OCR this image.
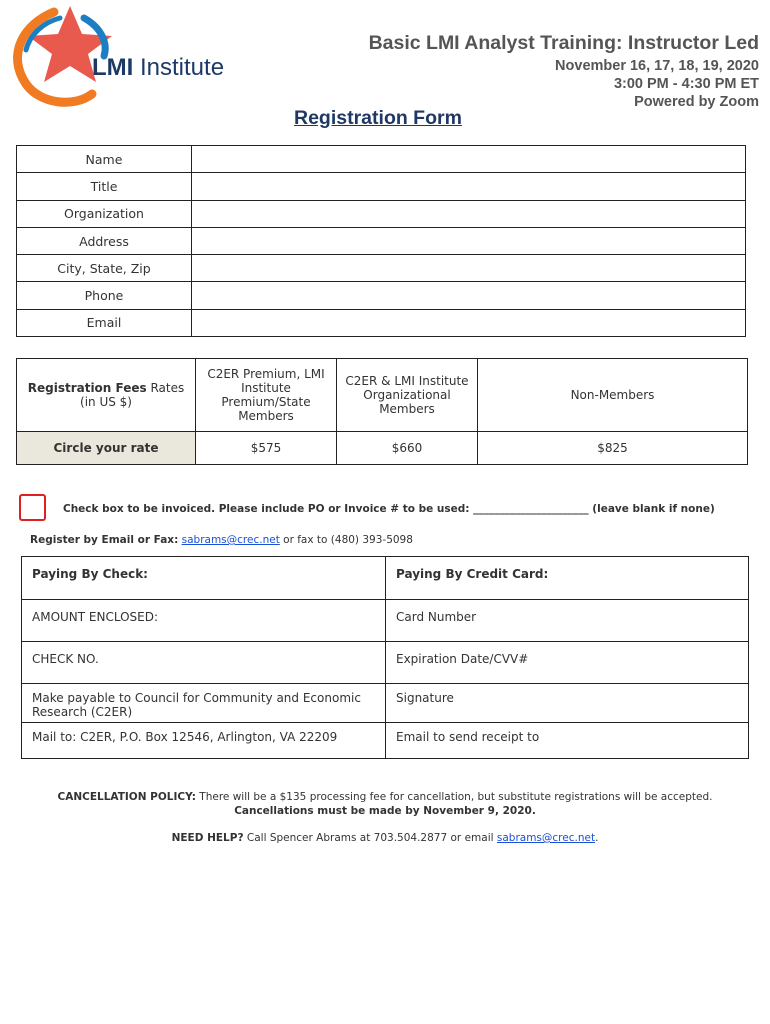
LMI Institute
Basic LMI Analyst Training: Instructor Led
November 16, 17, 18, 19, 2020
3:00 PM - 4:30 PM ET
Powered by Zoom
Registration Form
Name	
Title	
Organization	
Address	
City, State, Zip	
Phone	
Email	
Registration Fees Rates (in US $)	C2ER Premium, LMI Institute Premium/State Members	C2ER & LMI Institute Organizational Members	Non-Members
Circle your rate	$575	$660	$825
Check box to be invoiced. Please include PO or Invoice # to be used: ______________________ (leave blank if none)
Register by Email or Fax: sabrams@crec.net or fax to (480) 393-5098
Paying By Check:	Paying By Credit Card:
AMOUNT ENCLOSED:	Card Number
CHECK NO.	Expiration Date/CVV#
Make payable to Council for Community and Economic Research (C2ER)	Signature
Mail to: C2ER, P.O. Box 12546, Arlington, VA 22209	Email to send receipt to
CANCELLATION POLICY: There will be a $135 processing fee for cancellation, but substitute registrations will be accepted.
Cancellations must be made by November 9, 2020.
NEED HELP? Call Spencer Abrams at 703.504.2877 or email sabrams@crec.net.
